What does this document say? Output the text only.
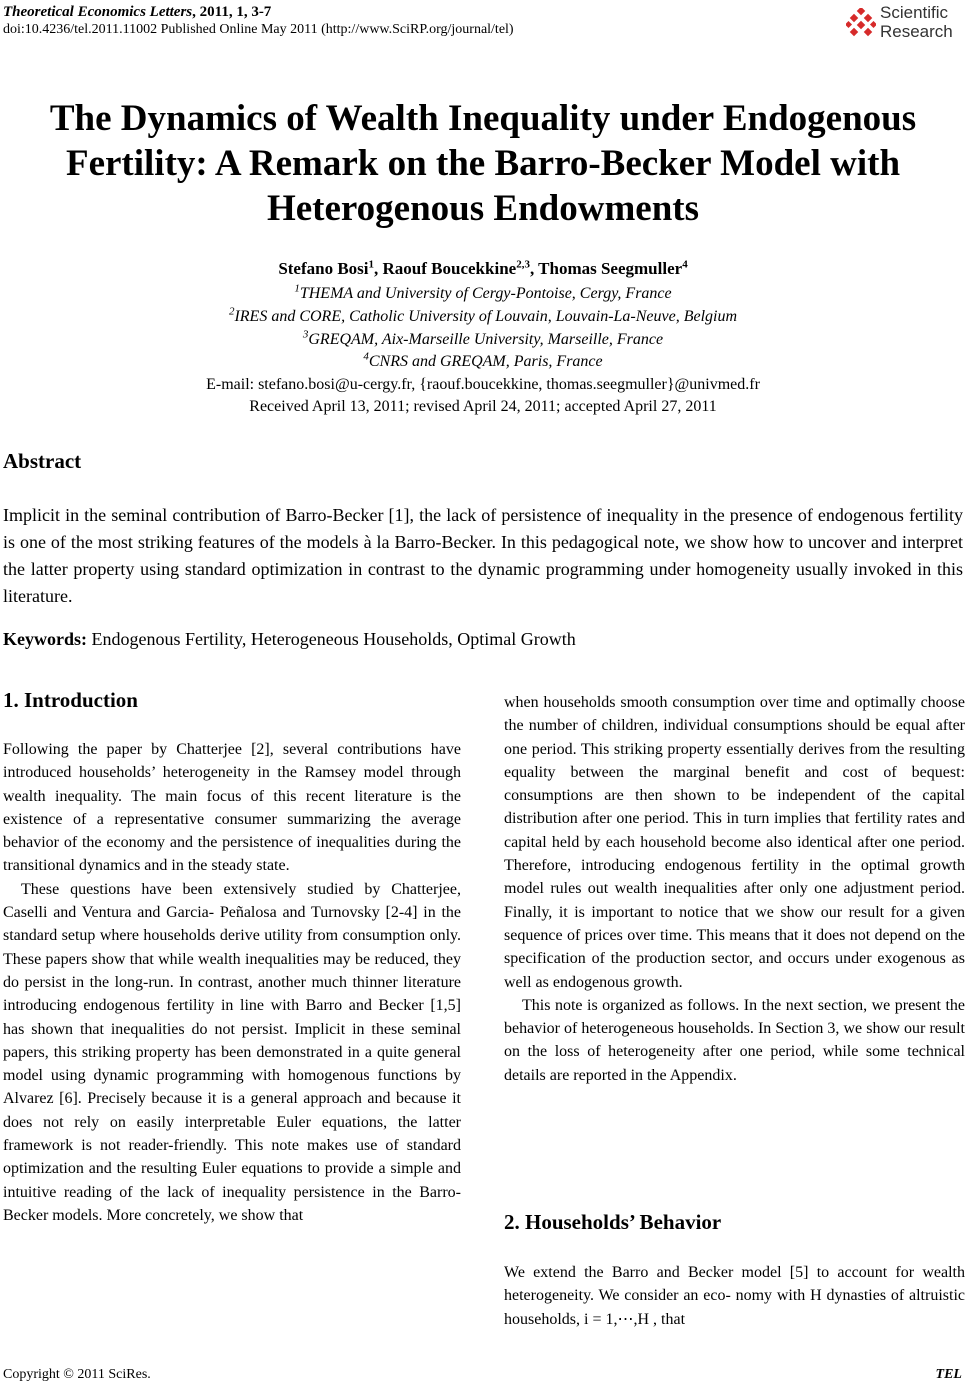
Theoretical Economics Letters, 2011, 1, 3-7
doi:10.4236/tel.2011.11002 Published Online May 2011 (http://www.SciRP.org/journal/tel)
Scientific
Research
The Dynamics of Wealth Inequality under Endogenous
Fertility: A Remark on the Barro-Becker Model with
Heterogenous Endowments
Stefano Bosi$^1$, Raouf Boucekkine$^{2,3}$, Thomas Seegmuller$^4$
$^1$THEMA and University of Cergy-Pontoise, Cergy, France
$^2$IRES and CORE, Catholic University of Louvain, Louvain-La-Neuve, Belgium
$^3$GREQAM, Aix-Marseille University, Marseille, France
$^4$CNRS and GREQAM, Paris, France
E-mail: stefano.bosi@u-cergy.fr, {raouf.boucekkine, thomas.seegmuller}@univmed.fr
Received April 13, 2011; revised April 24, 2011; accepted April 27, 2011
Abstract

Implicit in the seminal contribution of Barro-Becker [1], the lack of persistence of inequality in the presence of endogenous fertility is one of the most striking features of the models à la Barro-Becker. In this pedagogical note, we show how to uncover and interpret the latter property using standard optimization in contrast to the dynamic programming under homogeneity usually invoked in this literature.

Keywords: Endogenous Fertility, Heterogeneous Households, Optimal Growth

1. Introduction

Following the paper by Chatterjee [2], several contributions have introduced households’ heterogeneity in the Ramsey model through wealth inequality. The main focus of this recent literature is the existence of a representative consumer summarizing the average behavior of the economy and the persistence of inequalities during the transitional dynamics and in the steady state.

These questions have been extensively studied by Chatterjee, Caselli and Ventura and Garcia- Peñalosa and Turnovsky [2-4] in the standard setup where households derive utility from consumption only. These papers show that while wealth inequalities may be reduced, they do persist in the long-run. In contrast, another much thinner literature introducing endogenous fertility in line with Barro and Becker [1,5] has shown that inequalities do not persist. Implicit in these seminal papers, this striking property has been demonstrated in a quite general model using dynamic programming with homogenous functions by Alvarez [6]. Precisely because it is a general approach and because it does not rely on easily interpretable Euler equations, the latter framework is not reader-friendly. This note makes use of standard optimization and the resulting Euler equations to provide a simple and intuitive reading of the lack of inequality persistence in the Barro-Becker models. More concretely, we show that

when households smooth consumption over time and optimally choose the number of children, individual consumptions should be equal after one period. This striking property essentially derives from the resulting equality between the marginal benefit and cost of bequest: consumptions are then shown to be independent of the capital distribution after one period. This in turn implies that fertility rates and capital held by each household become also identical after one period. Therefore, introducing endogenous fertility in the optimal growth model rules out wealth inequalities after only one adjustment period. Finally, it is important to notice that we show our result for a given sequence of prices over time. This means that it does not depend on the specification of the production sector, and occurs under exogenous as well as endogenous growth.

This note is organized as follows. In the next section, we present the behavior of heterogeneous households. In Section 3, we show our result on the loss of heterogeneity after one period, while some technical details are reported in the Appendix.

2. Households’ Behavior

We extend the Barro and Becker model [5] to account for wealth heterogeneity. We consider an eco- nomy with H dynasties of altruistic households, i = 1,⋯,H , that

Copyright © 2011 SciRes.	TEL
